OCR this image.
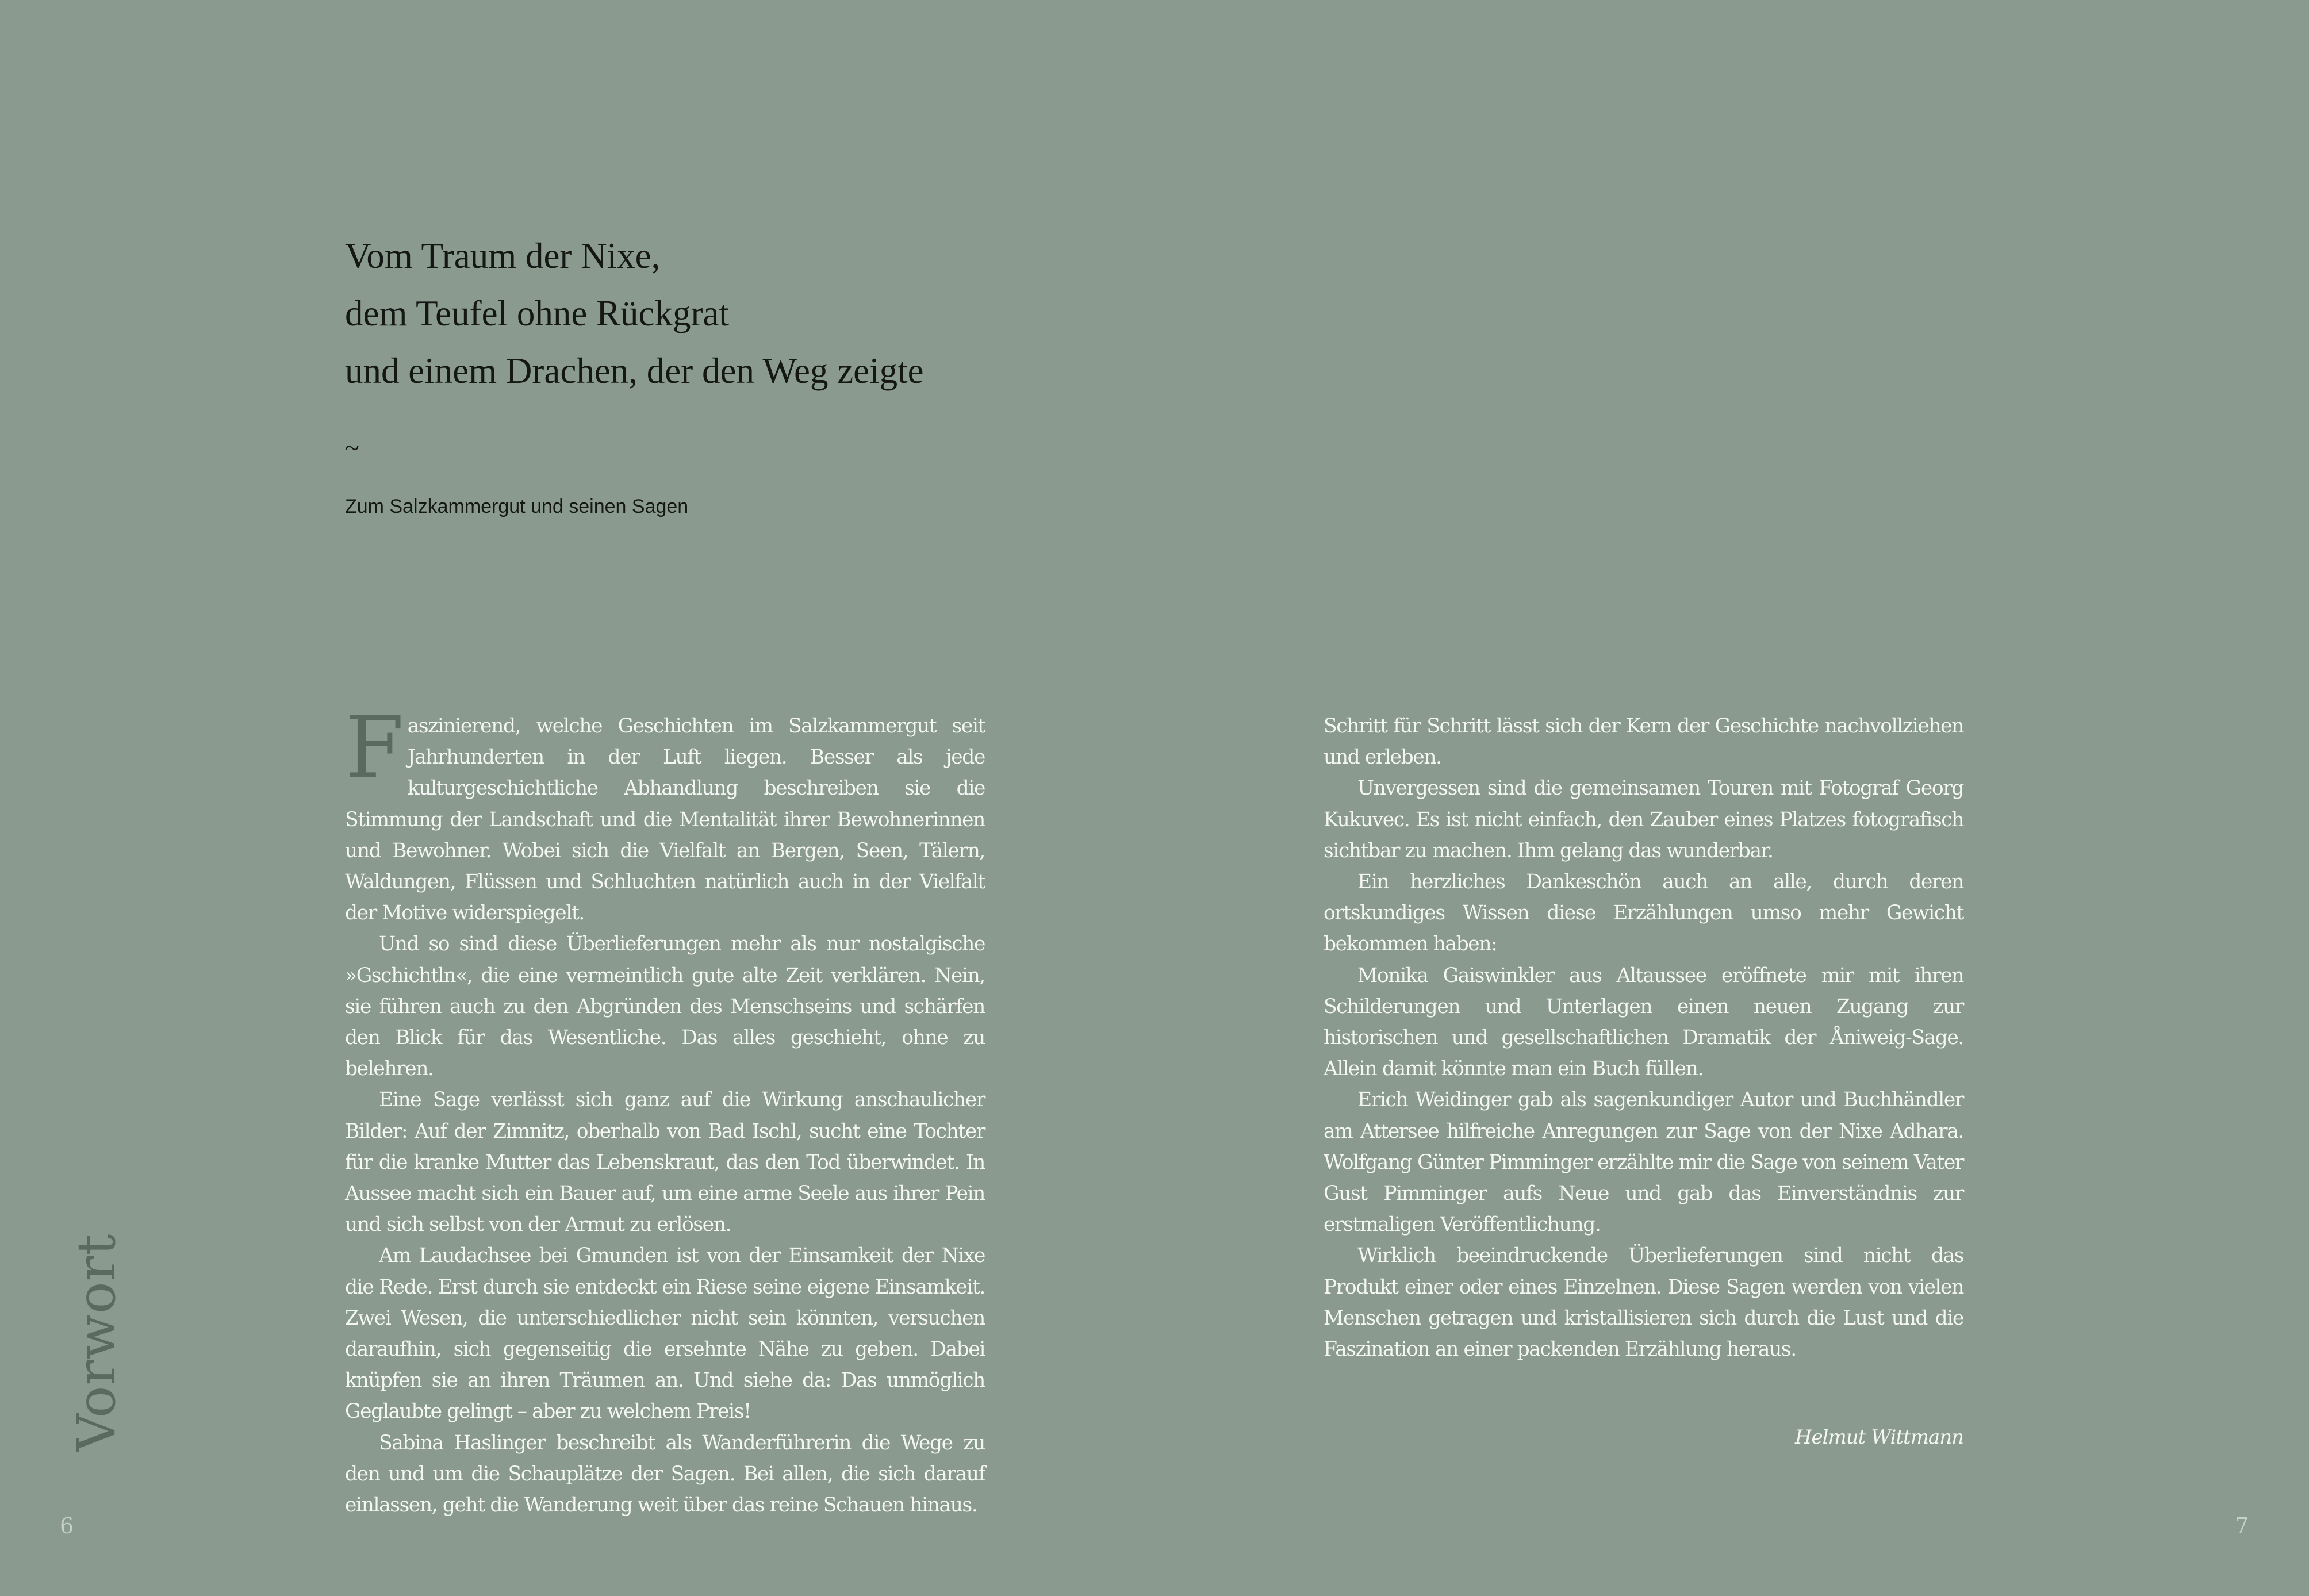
Vom Traum der Nixe,
dem Teufel ohne Rückgrat
und einem Drachen, der den Weg zeigte
~
Zum Salzkammergut und seinen Sagen

Faszinierend, welche Geschichten im Salzkammergut seit Jahrhunderten in der Luft liegen. Besser als jede kulturgeschichtliche Abhandlung beschreiben sie die Stimmung der Landschaft und die Mentalität ihrer Bewohnerinnen und Bewohner. Wobei sich die Vielfalt an Bergen, Seen, Tälern, Waldungen, Flüssen und Schluchten natürlich auch in der Vielfalt der Motive widerspiegelt.

Und so sind diese Überlieferungen mehr als nur nostalgische »Gschichtln«, die eine vermeintlich gute alte Zeit verklären. Nein, sie führen auch zu den Abgründen des Menschseins und schärfen den Blick für das Wesentliche. Das alles geschieht, ohne zu belehren.

Eine Sage verlässt sich ganz auf die Wirkung anschaulicher Bilder: Auf der Zimnitz, oberhalb von Bad Ischl, sucht eine Tochter für die kranke Mutter das Lebenskraut, das den Tod überwindet. In Aussee macht sich ein Bauer auf, um eine arme Seele aus ihrer Pein und sich selbst von der Armut zu erlösen.

Am Laudachsee bei Gmunden ist von der Einsamkeit der Nixe die Rede. Erst durch sie entdeckt ein Riese seine eigene Einsamkeit. Zwei Wesen, die unterschiedlicher nicht sein könnten, versuchen daraufhin, sich gegenseitig die ersehnte Nähe zu geben. Dabei knüpfen sie an ihren Träumen an. Und siehe da: Das unmöglich Geglaubte gelingt – aber zu welchem Preis!

Sabina Haslinger beschreibt als Wanderführerin die Wege zu den und um die Schauplätze der Sagen. Bei allen, die sich darauf einlassen, geht die Wanderung weit über das reine Schauen hinaus.

Schritt für Schritt lässt sich der Kern der Geschichte nachvollziehen und erleben.

Unvergessen sind die gemeinsamen Touren mit Fotograf Georg Kukuvec. Es ist nicht einfach, den Zauber eines Platzes fotografisch sichtbar zu machen. Ihm gelang das wunderbar.

Ein herzliches Dankeschön auch an alle, durch deren ortskundiges Wissen diese Erzählungen umso mehr Gewicht bekommen haben:

Monika Gaiswinkler aus Altaussee eröffnete mir mit ihren Schilderungen und Unterlagen einen neuen Zugang zur historischen und gesellschaftlichen Dramatik der Åniweig-Sage. Allein damit könnte man ein Buch füllen.

Erich Weidinger gab als sagenkundiger Autor und Buchhändler am Attersee hilfreiche Anregungen zur Sage von der Nixe Adhara. Wolfgang Günter Pimminger erzählte mir die Sage von seinem Vater Gust Pimminger aufs Neue und gab das Einverständnis zur erstmaligen Veröffentlichung.

Wirklich beeindruckende Überlieferungen sind nicht das Produkt einer oder eines Einzelnen. Diese Sagen werden von vielen Menschen getragen und kristallisieren sich durch die Lust und die Faszination an einer packenden Erzählung heraus.

Helmut Wittmann
Vorwort
6	7
